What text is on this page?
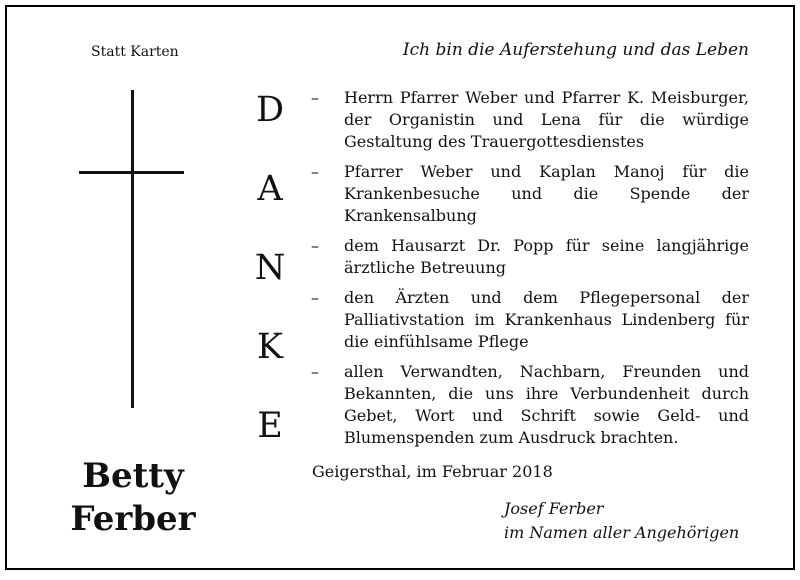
Statt Karten	Ich bin die Auferstehung und das Leben
Betty
Ferber
D
A
N
K
E
– Herrn Pfarrer Weber und Pfarrer K. Meisburger, der Organistin und Lena für die würdige Gestaltung des Trauergottesdienstes
– Pfarrer Weber und Kaplan Manoj für die Krankenbesuche und die Spende der Krankensalbung
– dem Hausarzt Dr. Popp für seine langjährige ärztliche Betreuung
– den Ärzten und dem Pflegepersonal der Palliativstation im Krankenhaus Lindenberg für die einfühlsame Pflege
– allen Verwandten, Nachbarn, Freunden und Bekannten, die uns ihre Verbundenheit durch Gebet, Wort und Schrift sowie Geld- und Blumenspenden zum Ausdruck brachten.
Geigersthal, im Februar 2018
Josef Ferber
im Namen aller Angehörigen
